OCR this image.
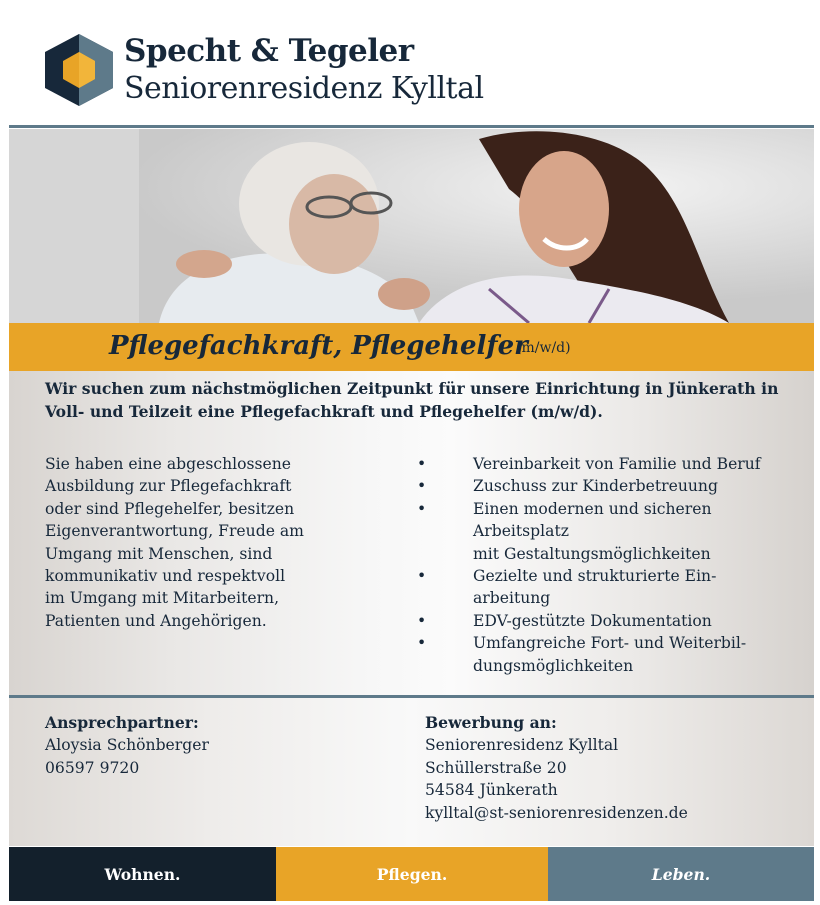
Specht & Tegeler
Seniorenresidenz Kylltal
Pflegefachkraft, Pflegehelfer
(m/w/d)
Wir suchen zum nächstmöglichen Zeitpunkt für unsere Einrichtung in Jünkerath in
Voll- und Teilzeit eine Pflegefachkraft und Pflegehelfer (m/w/d).
Sie haben eine abgeschlossene
Ausbildung zur Pflegefachkraft
oder sind Pflegehelfer, besitzen
Eigenverantwortung, Freude am
Umgang mit Menschen, sind
kommunikativ und respektvoll
im Umgang mit Mitarbeitern,
Patienten und Angehörigen.
•	Vereinbarkeit von Familie und Beruf
•	Zuschuss zur Kinderbetreuung
•	Einen modernen und sicheren
Arbeitsplatz
mit Gestaltungsmöglichkeiten
•	Gezielte und strukturierte Ein-
arbeitung
•	EDV-gestützte Dokumentation
•	Umfangreiche Fort- und Weiterbil-
dungsmöglichkeiten
Ansprechpartner:
Aloysia Schönberger
06597 9720
Bewerbung an:
Seniorenresidenz Kylltal
Schüllerstraße 20
54584 Jünkerath
kylltal@st-seniorenresidenzen.de
Wohnen.	Pflegen.	Leben.
